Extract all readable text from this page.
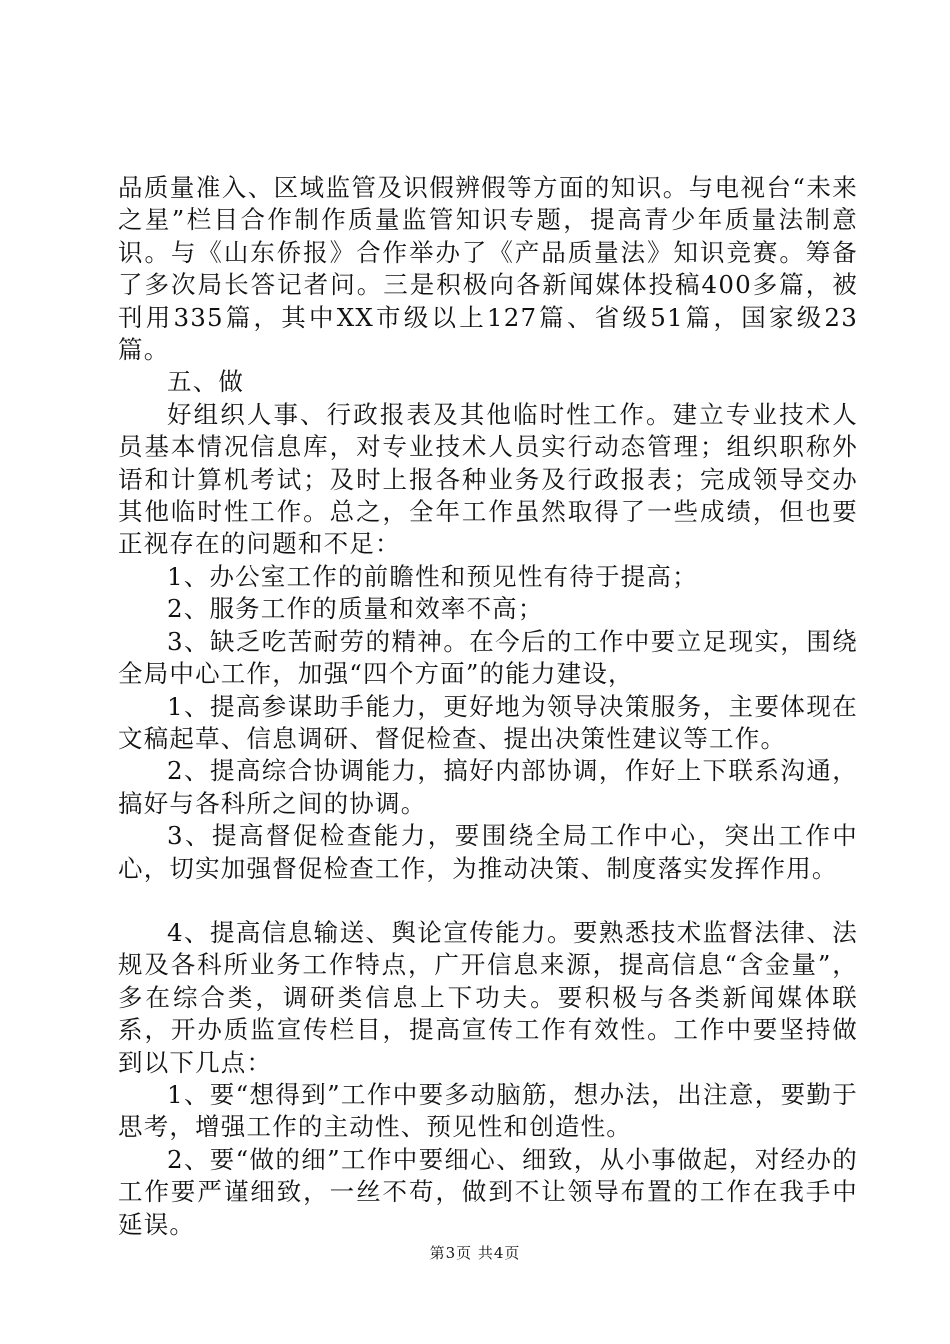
品质量准入、区域监管及识假辨假等方面的知识。与电视台“未来之星”栏目合作制作质量监管知识专题，提高青少年质量法制意识。与《山东侨报》合作举办了《产品质量法》知识竞赛。筹备了多次局长答记者问。三是积极向各新闻媒体投稿400多篇，被刊用335篇，其中XX市级以上127篇、省级51篇，国家级23篇。

五、做

好组织人事、行政报表及其他临时性工作。建立专业技术人员基本情况信息库，对专业技术人员实行动态管理；组织职称外语和计算机考试；及时上报各种业务及行政报表；完成领导交办其他临时性工作。总之，全年工作虽然取得了一些成绩，但也要正视存在的问题和不足：

1、办公室工作的前瞻性和预见性有待于提高；

2、服务工作的质量和效率不高；

3、缺乏吃苦耐劳的精神。在今后的工作中要立足现实，围绕全局中心工作，加强“四个方面”的能力建设，

1、提高参谋助手能力，更好地为领导决策服务，主要体现在文稿起草、信息调研、督促检查、提出决策性建议等工作。

2、提高综合协调能力，搞好内部协调，作好上下联系沟通，搞好与各科所之间的协调。

3、提高督促检查能力，要围绕全局工作中心，突出工作中心，切实加强督促检查工作，为推动决策、制度落实发挥作用。

4、提高信息输送、舆论宣传能力。要熟悉技术监督法律、法规及各科所业务工作特点，广开信息来源，提高信息“含金量”，多在综合类，调研类信息上下功夫。要积极与各类新闻媒体联系，开办质监宣传栏目，提高宣传工作有效性。工作中要坚持做到以下几点：

1、要“想得到”工作中要多动脑筋，想办法，出注意，要勤于思考，增强工作的主动性、预见性和创造性。

2、要“做的细”工作中要细心、细致，从小事做起，对经办的工作要严谨细致，一丝不苟，做到不让领导布置的工作在我手中延误。

第3页 共4页
